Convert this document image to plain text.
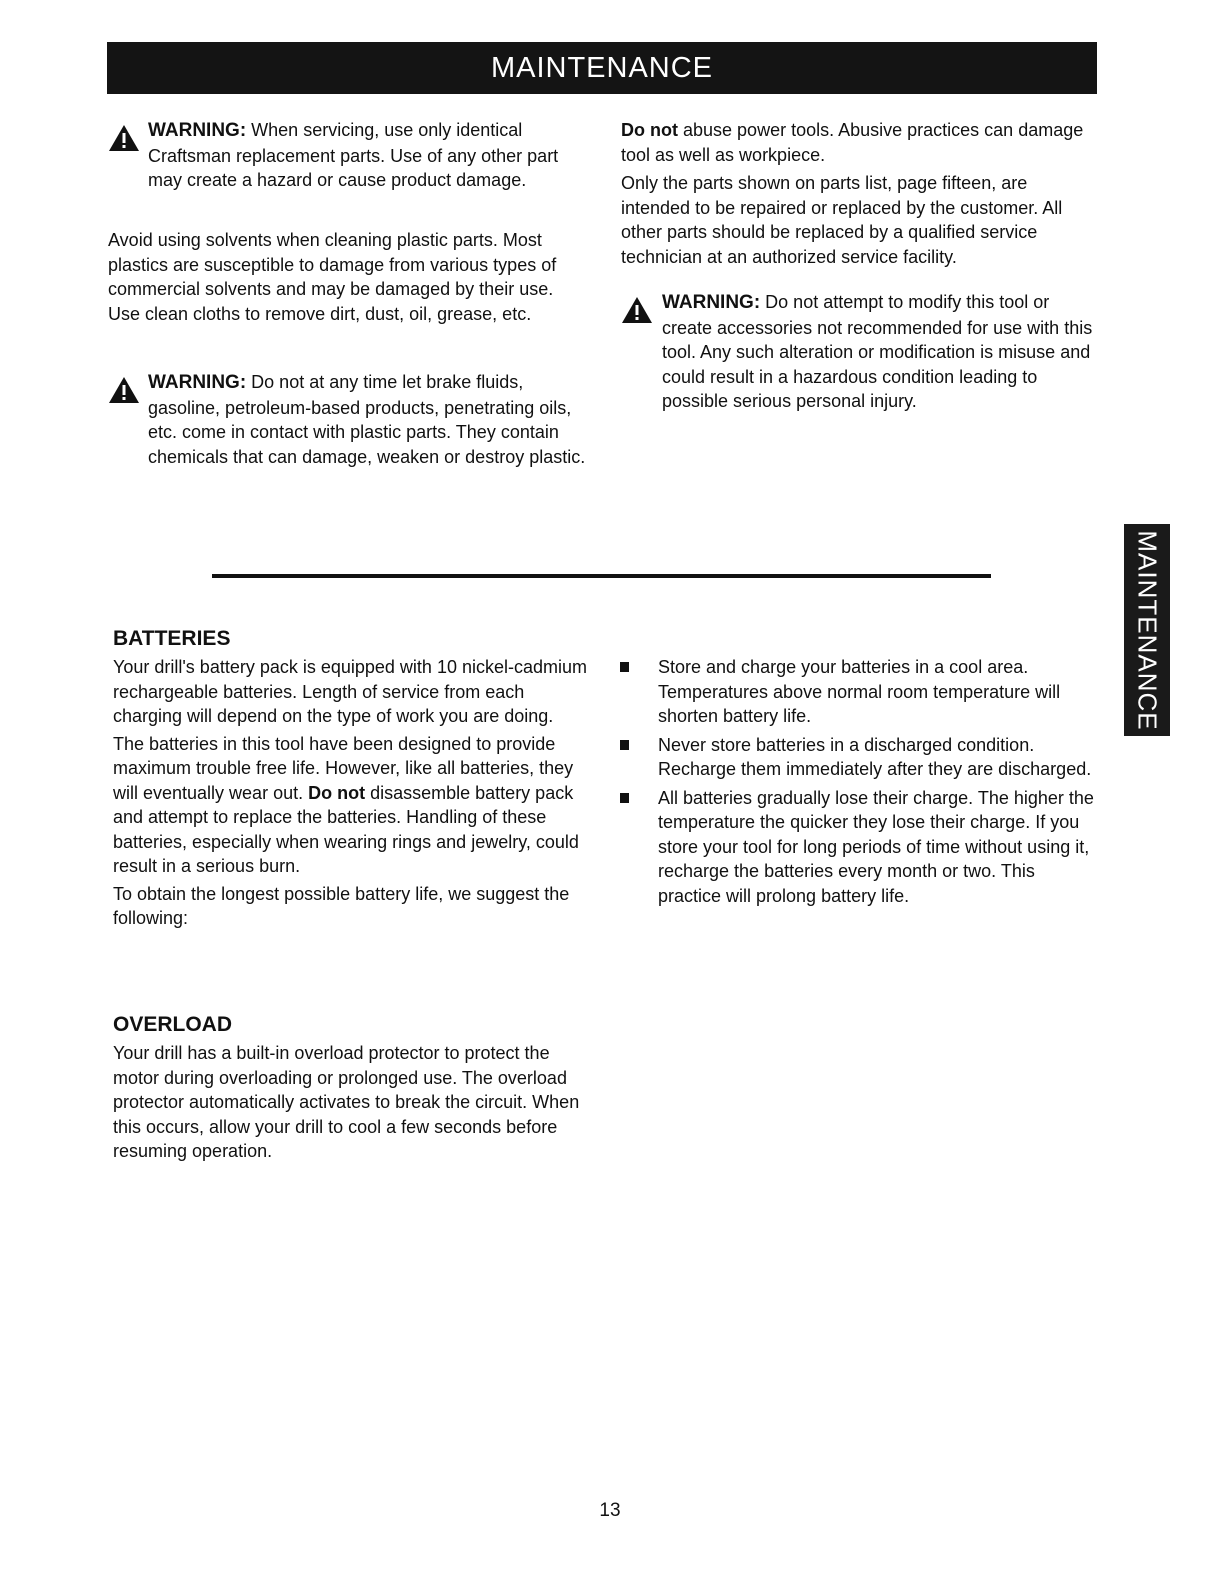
MAINTENANCE
MAINTENANCE
WARNING: When servicing, use only identical Craftsman replacement parts. Use of any other part may create a hazard or cause product damage.

Avoid using solvents when cleaning plastic parts. Most plastics are susceptible to damage from various types of commercial solvents and may be damaged by their use. Use clean cloths to remove dirt, dust, oil, grease, etc.

WARNING: Do not at any time let brake fluids, gasoline, petroleum-based products, penetrating oils, etc. come in contact with plastic parts. They contain chemicals that can damage, weaken or destroy plastic.

Do not abuse power tools. Abusive practices can damage tool as well as workpiece.

Only the parts shown on parts list, page fifteen, are intended to be repaired or replaced by the customer. All other parts should be replaced by a qualified service technician at an authorized service facility.

WARNING: Do not attempt to modify this tool or create accessories not recommended for use with this tool. Any such alteration or modification is misuse and could result in a hazardous condition leading to possible serious personal injury.
BATTERIES

Your drill's battery pack is equipped with 10 nickel-cadmium rechargeable batteries. Length of service from each charging will depend on the type of work you are doing.

The batteries in this tool have been designed to provide maximum trouble free life. However, like all batteries, they will eventually wear out. Do not disassemble battery pack and attempt to replace the batteries. Handling of these batteries, especially when wearing rings and jewelry, could result in a serious burn.

To obtain the longest possible battery life, we suggest the following:

Store and charge your batteries in a cool area. Temperatures above normal room temperature will shorten battery life.
Never store batteries in a discharged condition. Recharge them immediately after they are discharged.
All batteries gradually lose their charge. The higher the temperature the quicker they lose their charge. If you store your tool for long periods of time without using it, recharge the batteries every month or two. This practice will prolong battery life.
OVERLOAD

Your drill has a built-in overload protector to protect the motor during overloading or prolonged use. The overload protector automatically activates to break the circuit. When this occurs, allow your drill to cool a few seconds before resuming operation.

13
